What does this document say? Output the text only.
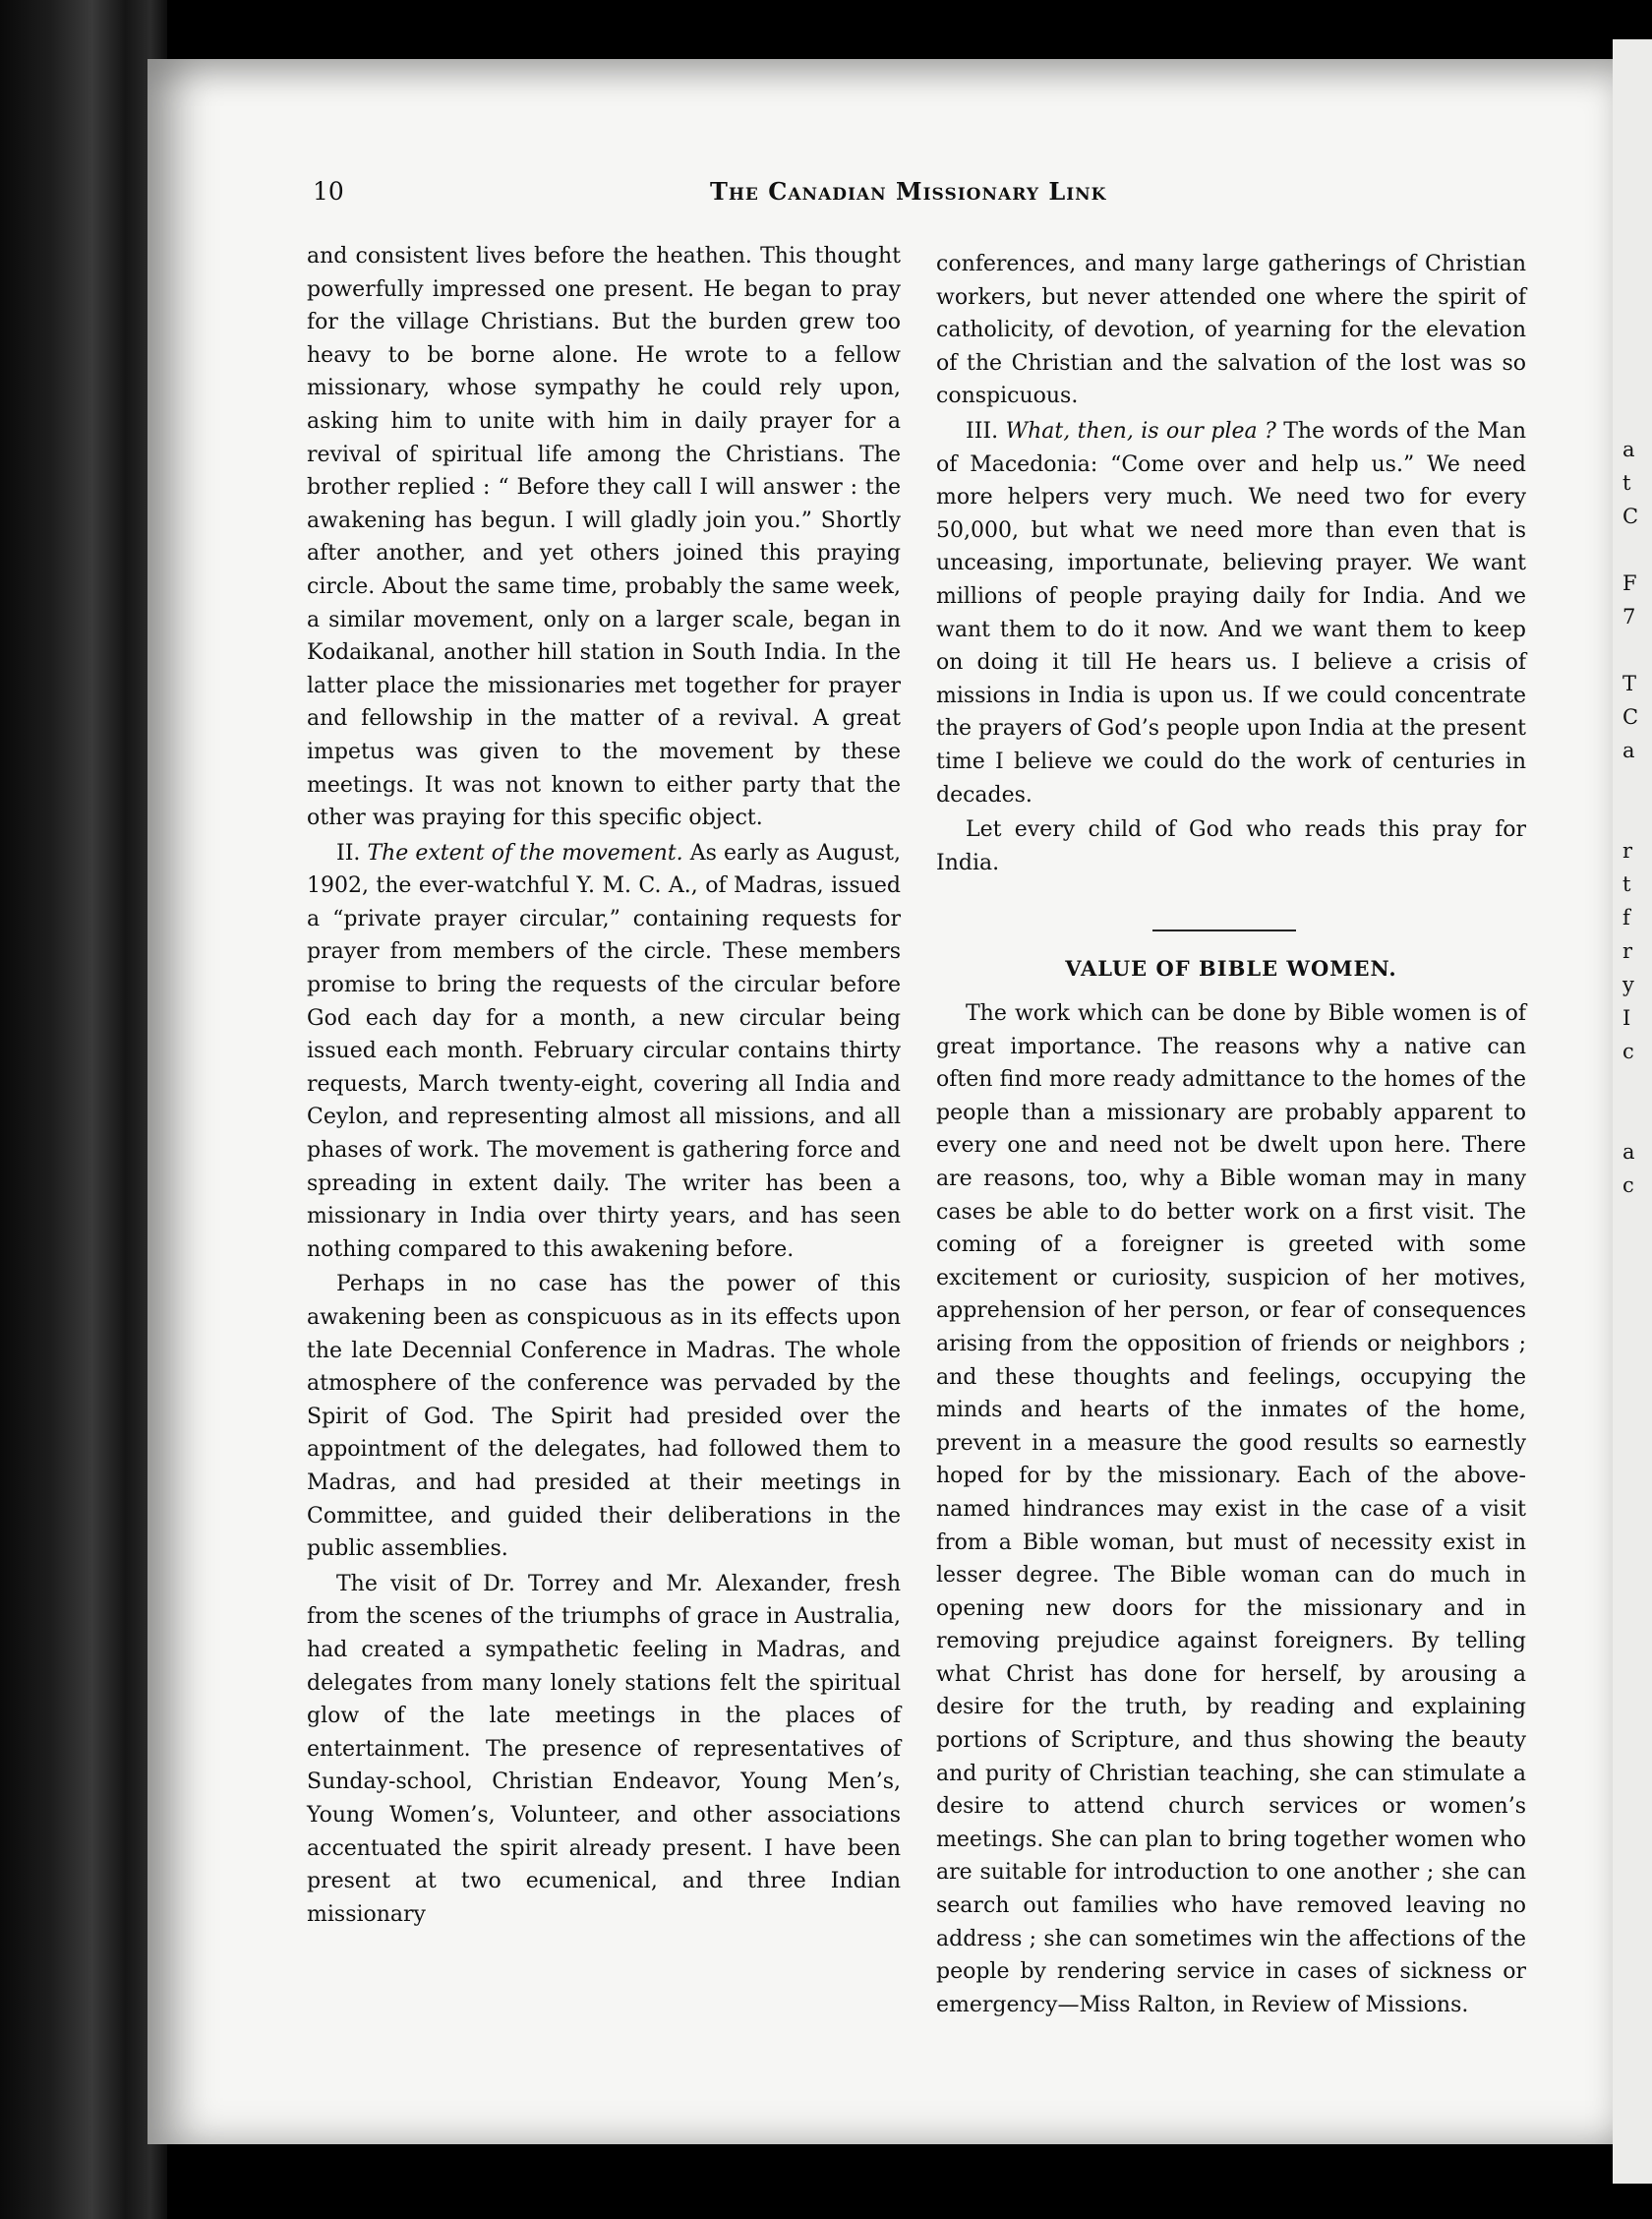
a
t
C
F
7
T
C
a
r
t
f
r
y
I
c
a
c
10	The Canadian Missionary Link

and consistent lives before the heathen. This thought powerfully impressed one present. He began to pray for the village Christians. But the burden grew too heavy to be borne alone. He wrote to a fellow missionary, whose sympathy he could rely upon, asking him to unite with him in daily prayer for a revival of spiritual life among the Christians. The brother replied : “ Before they call I will answer : the awakening has begun. I will gladly join you.” Shortly after another, and yet others joined this praying circle. About the same time, probably the same week, a similar movement, only on a larger scale, began in Kodaikanal, another hill station in South India. In the latter place the missionaries met together for prayer and fellowship in the matter of a revival. A great impetus was given to the movement by these meetings. It was not known to either party that the other was praying for this specific object.

II. The extent of the movement. As early as August, 1902, the ever-watchful Y. M. C. A., of Madras, issued a “private prayer circular,” containing requests for prayer from members of the circle. These members promise to bring the requests of the circular before God each day for a month, a new circular being issued each month. February circular contains thirty requests, March twenty-eight, covering all India and Ceylon, and representing almost all missions, and all phases of work. The movement is gathering force and spreading in extent daily. The writer has been a missionary in India over thirty years, and has seen nothing compared to this awakening before.

Perhaps in no case has the power of this awakening been as conspicuous as in its effects upon the late Decennial Conference in Madras. The whole atmosphere of the conference was pervaded by the Spirit of God. The Spirit had presided over the appointment of the delegates, had followed them to Madras, and had presided at their meetings in Committee, and guided their deliberations in the public assemblies.

The visit of Dr. Torrey and Mr. Alexander, fresh from the scenes of the triumphs of grace in Australia, had created a sympathetic feeling in Madras, and delegates from many lonely stations felt the spiritual glow of the late meetings in the places of entertainment. The presence of representatives of Sunday-school, Christian Endeavor, Young Men’s, Young Women’s, Volunteer, and other associations accentuated the spirit already present. I have been present at two ecumenical, and three Indian missionary

conferences, and many large gatherings of Christian workers, but never attended one where the spirit of catholicity, of devotion, of yearning for the elevation of the Christian and the salvation of the lost was so conspicuous.

III. What, then, is our plea ? The words of the Man of Macedonia: “Come over and help us.” We need more helpers very much. We need two for every 50,000, but what we need more than even that is unceasing, importunate, believing prayer. We want millions of people praying daily for India. And we want them to do it now. And we want them to keep on doing it till He hears us. I believe a crisis of missions in India is upon us. If we could concentrate the prayers of God’s people upon India at the present time I believe we could do the work of centuries in decades.

Let every child of God who reads this pray for India.

VALUE OF BIBLE WOMEN.

The work which can be done by Bible women is of great importance. The reasons why a native can often find more ready admittance to the homes of the people than a missionary are probably apparent to every one and need not be dwelt upon here. There are reasons, too, why a Bible woman may in many cases be able to do better work on a first visit. The coming of a foreigner is greeted with some excitement or curiosity, suspicion of her motives, apprehension of her person, or fear of consequences arising from the opposition of friends or neighbors ; and these thoughts and feelings, occupying the minds and hearts of the inmates of the home, prevent in a measure the good results so earnestly hoped for by the missionary. Each of the above-named hindrances may exist in the case of a visit from a Bible woman, but must of necessity exist in lesser degree. The Bible woman can do much in opening new doors for the missionary and in removing prejudice against foreigners. By telling what Christ has done for herself, by arousing a desire for the truth, by reading and explaining portions of Scripture, and thus showing the beauty and purity of Christian teaching, she can stimulate a desire to attend church services or women’s meetings. She can plan to bring together women who are suitable for introduction to one another ; she can search out families who have removed leaving no address ; she can sometimes win the affections of the people by rendering service in cases of sickness or emergency—Miss Ralton, in Review of Missions.
